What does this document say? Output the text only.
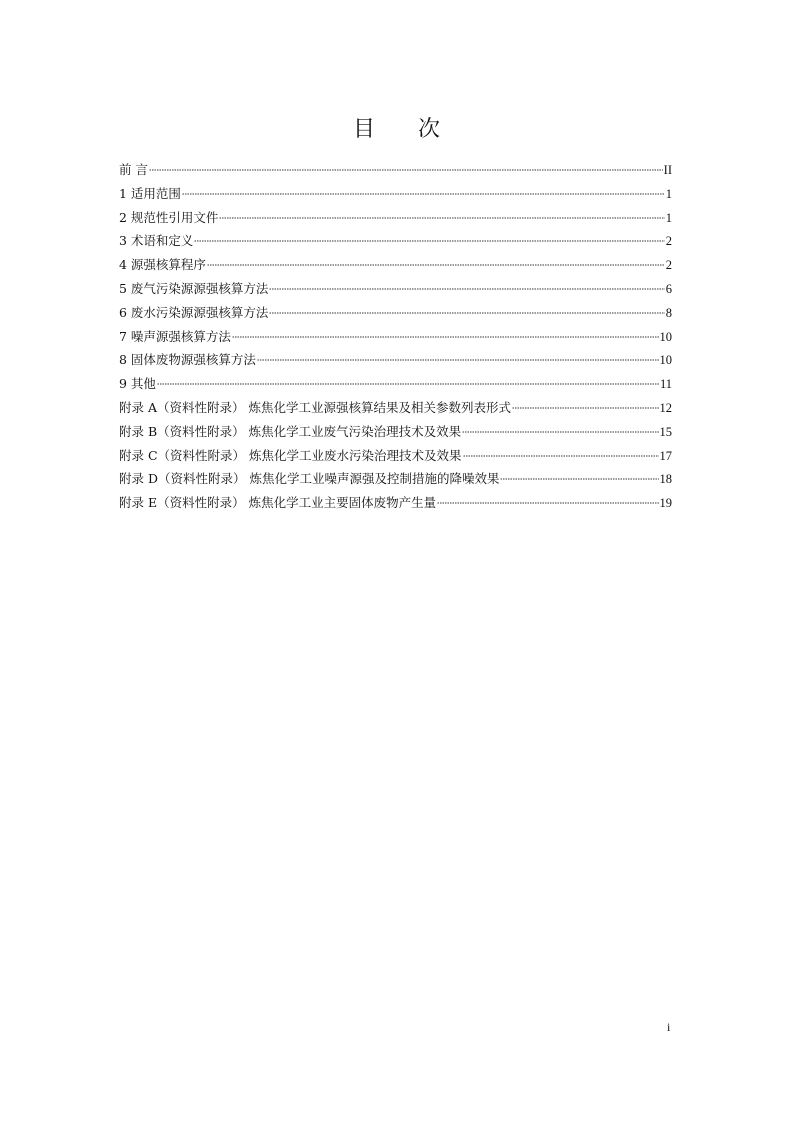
目 次
前 言	II
1 适用范围	1
2 规范性引用文件	1
3 术语和定义	2
4 源强核算程序	2
5 废气污染源源强核算方法	6
6 废水污染源源强核算方法	8
7 噪声源强核算方法	10
8 固体废物源强核算方法	10
9 其他	11
附录 A（资料性附录） 炼焦化学工业源强核算结果及相关参数列表形式	12
附录 B（资料性附录） 炼焦化学工业废气污染治理技术及效果	15
附录 C（资料性附录） 炼焦化学工业废水污染治理技术及效果	17
附录 D（资料性附录） 炼焦化学工业噪声源强及控制措施的降噪效果	18
附录 E（资料性附录） 炼焦化学工业主要固体废物产生量	19
i
